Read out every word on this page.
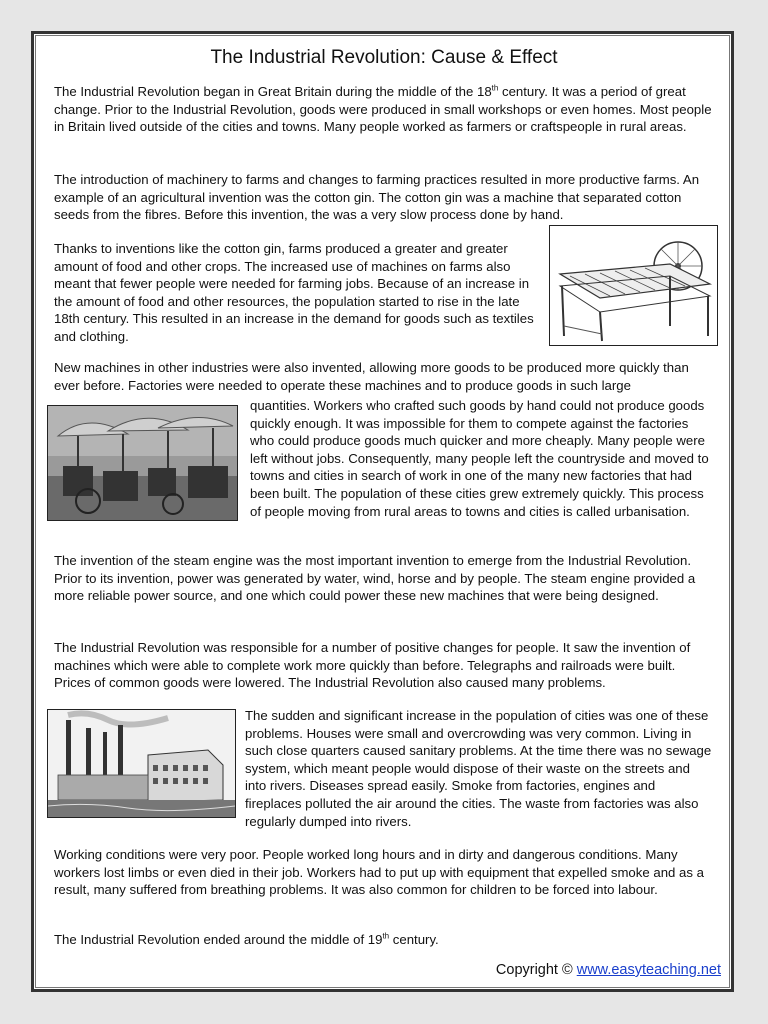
The Industrial Revolution: Cause & Effect

The Industrial Revolution began in Great Britain during the middle of the 18th century. It was a period of great change. Prior to the Industrial Revolution, goods were produced in small workshops or even homes. Most people in Britain lived outside of the cities and towns. Many people worked as farmers or craftspeople in rural areas.

The introduction of machinery to farms and changes to farming practices resulted in more productive farms. An example of an agricultural invention was the cotton gin. The cotton gin was a machine that separated cotton seeds from the fibres. Before this invention, the was a very slow process done by hand.

Thanks to inventions like the cotton gin, farms produced a greater and greater amount of food and other crops. The increased use of machines on farms also meant that fewer people were needed for farming jobs. Because of an increase in the amount of food and other resources, the population started to rise in the late 18th century. This resulted in an increase in the demand for goods such as textiles and clothing.

New machines in other industries were also invented, allowing more goods to be produced more quickly than ever before. Factories were needed to operate these machines and to produce goods in such large

quantities. Workers who crafted such goods by hand could not produce goods quickly enough. It was impossible for them to compete against the factories who could produce goods much quicker and more cheaply. Many people were left without jobs. Consequently, many people left the countryside and moved to towns and cities in search of work in one of the many new factories that had been built. The population of these cities grew extremely quickly. This process of people moving from rural areas to towns and cities is called urbanisation.

The invention of the steam engine was the most important invention to emerge from the Industrial Revolution. Prior to its invention, power was generated by water, wind, horse and by people. The steam engine provided a more reliable power source, and one which could power these new machines that were being designed.

The Industrial Revolution was responsible for a number of positive changes for people. It saw the invention of machines which were able to complete work more quickly than before. Telegraphs and railroads were built. Prices of common goods were lowered. The Industrial Revolution also caused many problems.

The sudden and significant increase in the population of cities was one of these problems. Houses were small and overcrowding was very common. Living in such close quarters caused sanitary problems. At the time there was no sewage system, which meant people would dispose of their waste on the streets and into rivers. Diseases spread easily. Smoke from factories, engines and fireplaces polluted the air around the cities. The waste from factories was also regularly dumped into rivers.

Working conditions were very poor. People worked long hours and in dirty and dangerous conditions. Many workers lost limbs or even died in their job. Workers had to put up with equipment that expelled smoke and as a result, many suffered from breathing problems. It was also common for children to be forced into labour.

The Industrial Revolution ended around the middle of 19th century.

Copyright © www.easyteaching.net
